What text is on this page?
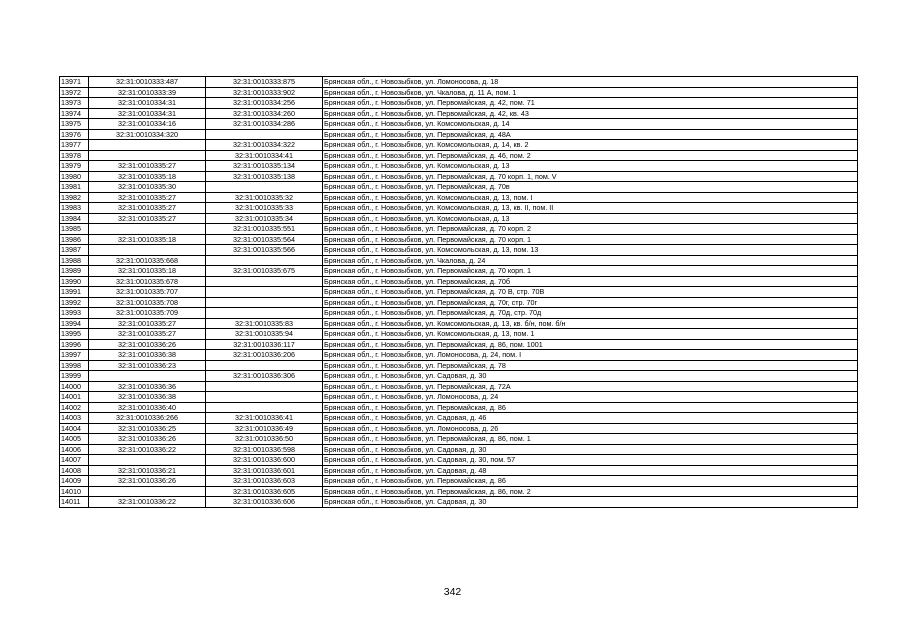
13971	32:31:0010333:487	32:31:0010333:875	Брянская обл., г. Новозыбков, ул. Ломоносова, д. 18
13972	32:31:0010333:39	32:31:0010333:902	Брянская обл., г. Новозыбков, ул. Чкалова, д. 11 А, пом. 1
13973	32:31:0010334:31	32:31:0010334:256	Брянская обл., г. Новозыбков, ул. Первомайская, д. 42, пом. 71
13974	32:31:0010334:31	32:31:0010334:260	Брянская обл., г. Новозыбков, ул. Первомайская, д. 42, кв. 43
13975	32:31:0010334:16	32:31:0010334:286	Брянская обл., г. Новозыбков, ул. Комсомольская, д. 14
13976	32:31:0010334:320		Брянская обл., г. Новозыбков, ул. Первомайская, д. 48А
13977		32:31:0010334:322	Брянская обл., г. Новозыбков, ул. Комсомольская, д. 14, кв. 2
13978		32:31:0010334:41	Брянская обл., г. Новозыбков, ул. Первомайская, д. 46, пом. 2
13979	32:31:0010335:27	32:31:0010335:134	Брянская обл., г. Новозыбков, ул. Комсомольская, д. 13
13980	32:31:0010335:18	32:31:0010335:138	Брянская обл., г. Новозыбков, ул. Первомайская, д. 70 корп. 1, пом. V
13981	32:31:0010335:30		Брянская обл., г. Новозыбков, ул. Первомайская, д. 70в
13982	32:31:0010335:27	32:31:0010335:32	Брянская обл., г. Новозыбков, ул. Комсомольская, д. 13, пом. I
13983	32:31:0010335:27	32:31:0010335:33	Брянская обл., г. Новозыбков, ул. Комсомольская, д. 13, кв. II, пом. II
13984	32:31:0010335:27	32:31:0010335:34	Брянская обл., г. Новозыбков, ул. Комсомольская, д. 13
13985		32:31:0010335:551	Брянская обл., г. Новозыбков, ул. Первомайская, д. 70 корп. 2
13986	32:31:0010335:18	32:31:0010335:564	Брянская обл., г. Новозыбков, ул. Первомайская, д. 70 корп. 1
13987		32:31:0010335:566	Брянская обл., г. Новозыбков, ул. Комсомольская, д. 13, пом. 13
13988	32:31:0010335:668		Брянская обл., г. Новозыбков, ул. Чкалова, д. 24
13989	32:31:0010335:18	32:31:0010335:675	Брянская обл., г. Новозыбков, ул. Первомайская, д. 70 корп. 1
13990	32:31:0010335:678		Брянская обл., г. Новозыбков, ул. Первомайская, д. 70б
13991	32:31:0010335:707		Брянская обл., г. Новозыбков, ул. Первомайская, д. 70 В, стр. 70В
13992	32:31:0010335:708		Брянская обл., г. Новозыбков, ул. Первомайская, д. 70г, стр. 70г
13993	32:31:0010335:709		Брянская обл., г. Новозыбков, ул. Первомайская, д. 70д, стр. 70д
13994	32:31:0010335:27	32:31:0010335:83	Брянская обл., г. Новозыбков, ул. Комсомольская, д. 13, кв. б/н, пом. б/н
13995	32:31:0010335:27	32:31:0010335:94	Брянская обл., г. Новозыбков, ул. Комсомольская, д. 13, пом. 1
13996	32:31:0010336:26	32:31:0010336:117	Брянская обл., г. Новозыбков, ул. Первомайская, д. 86, пом. 1001
13997	32:31:0010336:38	32:31:0010336:206	Брянская обл., г. Новозыбков, ул. Ломоносова, д. 24, пом. I
13998	32:31:0010336:23		Брянская обл., г. Новозыбков, ул. Первомайская, д. 78
13999		32:31:0010336:306	Брянская обл., г. Новозыбков, ул. Садовая, д. 30
14000	32:31:0010336:36		Брянская обл., г. Новозыбков, ул. Первомайская, д. 72А
14001	32:31:0010336:38		Брянская обл., г. Новозыбков, ул. Ломоносова, д. 24
14002	32:31:0010336:40		Брянская обл., г. Новозыбков, ул. Первомайская, д. 86
14003	32:31:0010336:266	32:31:0010336:41	Брянская обл., г. Новозыбков, ул. Садовая, д. 46
14004	32:31:0010336:25	32:31:0010336:49	Брянская обл., г. Новозыбков, ул. Ломоносова, д. 26
14005	32:31:0010336:26	32:31:0010336:50	Брянская обл., г. Новозыбков, ул. Первомайская, д. 86, пом. 1
14006	32:31:0010336:22	32:31:0010336:598	Брянская обл., г. Новозыбков, ул. Садовая, д. 30
14007		32:31:0010336:600	Брянская обл., г. Новозыбков, ул. Садовая, д. 30, пом. 57
14008	32:31:0010336:21	32:31:0010336:601	Брянская обл., г. Новозыбков, ул. Садовая, д. 48
14009	32:31:0010336:26	32:31:0010336:603	Брянская обл., г. Новозыбков, ул. Первомайская, д. 86
14010		32:31:0010336:605	Брянская обл., г. Новозыбков, ул. Первомайская, д. 86, пом. 2
14011	32:31:0010336:22	32:31:0010336:606	Брянская обл., г. Новозыбков, ул. Садовая, д. 30
342
